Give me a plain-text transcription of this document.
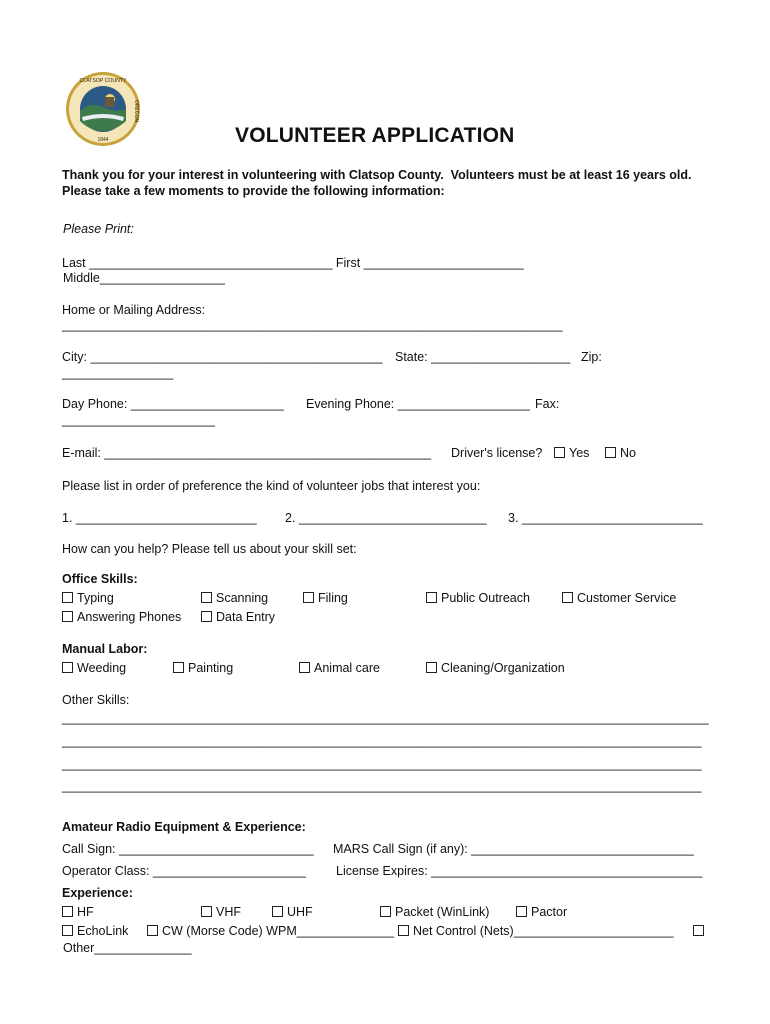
1844
CLATSOP COUNTY
OREGON
VOLUNTEER APPLICATION
Thank you for your interest in volunteering with Clatsop County.  Volunteers must be at least 16 years old.
Please take a few moments to provide the following information:
Please Print:
Last ___________________________________ First _______________________
Middle__________________
Home or Mailing Address:
________________________________________________________________________
City: __________________________________________ State: ____________________ Zip:
________________
Day Phone: ______________________ Evening Phone: ___________________ Fax:
______________________
E-mail: _______________________________________________ Driver's license?	Yes	No
Please list in order of preference the kind of volunteer jobs that interest you:
1. __________________________ 2. ___________________________ 3. __________________________
How can you help? Please tell us about your skill set:
Office Skills:
Typing	Scanning	Filing	Public Outreach	Customer Service
Answering Phones	Data Entry
Manual Labor:
Weeding	Painting	Animal care	Cleaning/Organization
Other Skills:
_____________________________________________________________________________________________
____________________________________________________________________________________________
____________________________________________________________________________________________
____________________________________________________________________________________________
Amateur Radio Equipment & Experience:
Call Sign: ____________________________ MARS Call Sign (if any): ________________________________
Operator Class: ______________________ License Expires: _______________________________________
Experience:
HF	VHF	UHF	Packet (WinLink)	Pactor
EchoLink	CW (Morse Code) WPM______________	Net Control (Nets)_______________________
Other______________
